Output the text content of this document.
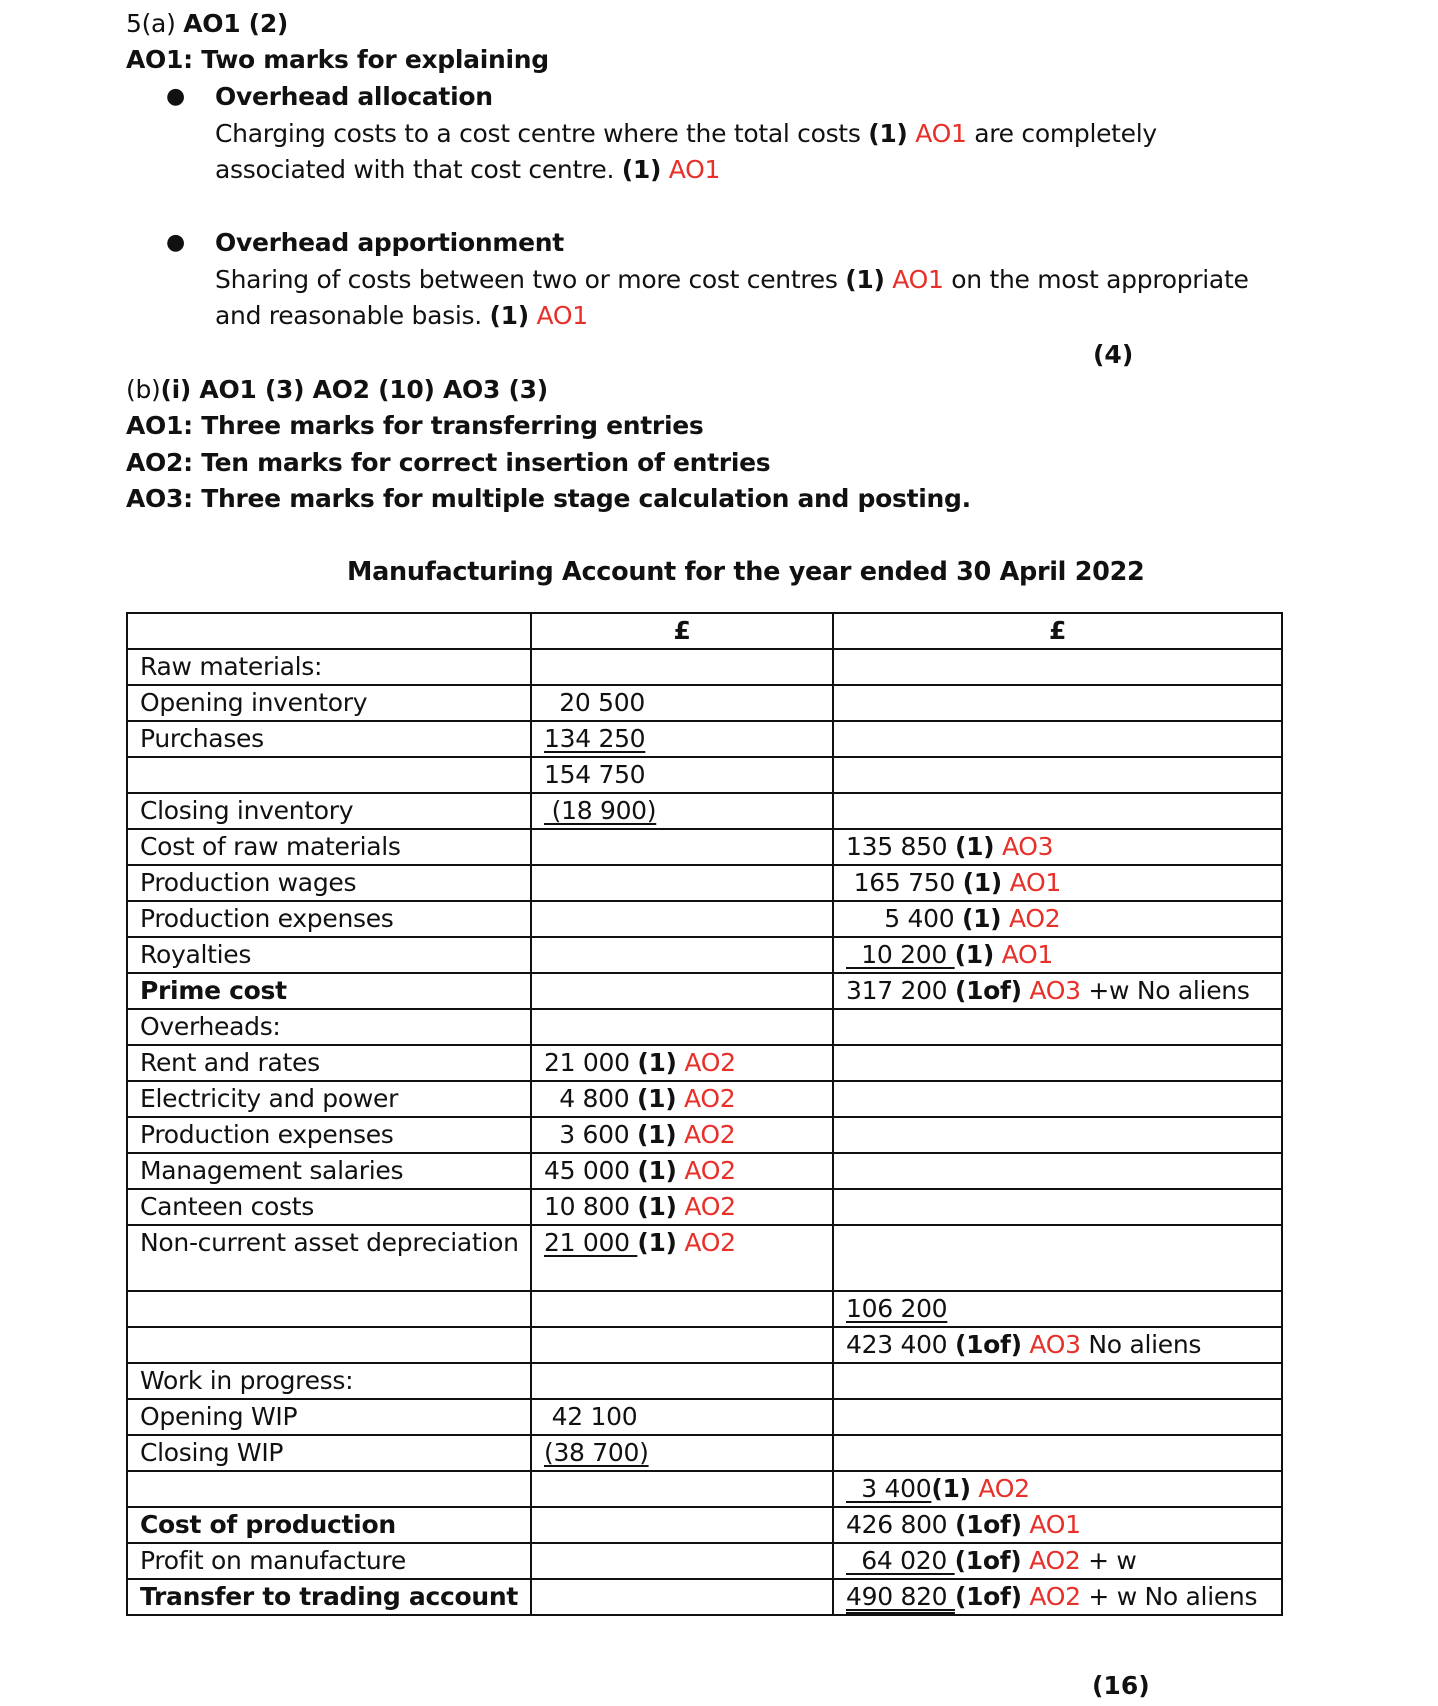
5(a) AO1 (2)
AO1: Two marks for explaining
● Overhead allocation
Charging costs to a cost centre where the total costs (1) AO1 are completely
associated with that cost centre. (1) AO1
● Overhead apportionment
Sharing of costs between two or more cost centres (1) AO1 on the most appropriate
and reasonable basis. (1) AO1
(4)
(b)(i) AO1 (3) AO2 (10) AO3 (3)
AO1: Three marks for transferring entries
AO2: Ten marks for correct insertion of entries
AO3: Three marks for multiple stage calculation and posting.
Manufacturing Account for the year ended 30 April 2022
	£	£
Raw materials:		
Opening inventory	20 500	
Purchases	134 250	
	154 750	
Closing inventory	(18 900)	
Cost of raw materials		135 850 (1) AO3
Production wages		165 750 (1) AO1
Production expenses		5 400 (1) AO2
Royalties		10 200 (1) AO1
Prime cost		317 200 (1of) AO3 +w No aliens
Overheads:		
Rent and rates	21 000 (1) AO2	
Electricity and power	4 800 (1) AO2	
Production expenses	3 600 (1) AO2	
Management salaries	45 000 (1) AO2	
Canteen costs	10 800 (1) AO2	
Non-current asset depreciation	21 000 (1) AO2	
		106 200
		423 400 (1of) AO3 No aliens
Work in progress:		
Opening WIP	42 100	
Closing WIP	(38 700)	
		3 400(1) AO2
Cost of production		426 800 (1of) AO1
Profit on manufacture		64 020 (1of) AO2 + w
Transfer to trading account		490 820 (1of) AO2 + w No aliens
(16)
